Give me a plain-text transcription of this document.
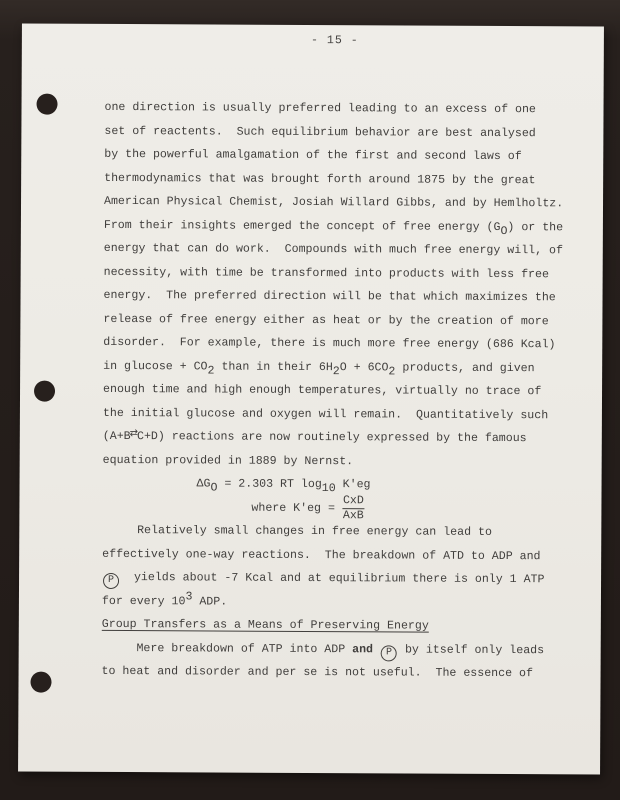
- 15 -
one direction is usually preferred leading to an excess of one
set of reactents.  Such equilibrium behavior are best analysed
by the powerful amalgamation of the first and second laws of
thermodynamics that was brought forth around 1875 by the great
American Physical Chemist, Josiah Willard Gibbs, and by Hemlholtz.
From their insights emerged the concept of free energy (GO) or the
energy that can do work.  Compounds with much free energy will, of
necessity, with time be transformed into products with less free
energy.  The preferred direction will be that which maximizes the
release of free energy either as heat or by the creation of more
disorder.  For example, there is much more free energy (686 Kcal)
in glucose + CO2 than in their 6H2O + 6CO2 products, and given
enough time and high enough temperatures, virtually no trace of
the initial glucose and oxygen will remain.  Quantitatively such
(A+B⇄C+D) reactions are now routinely expressed by the famous
equation provided in 1889 by Nernst.
ΔGO = 2.303 RT log10 K'eg
where $K'eg = \frac{\text{CxD}}{\text{AxB}}$
Relatively small changes in free energy can lead to
effectively one-way reactions.  The breakdown of ATD to ADP and
P  yields about -7 Kcal and at equilibrium there is only 1 ATP
for every 103 ADP.
Group Transfers as a Means of Preserving Energy
Mere breakdown of ATP into ADP and P by itself only leads
to heat and disorder and per se is not useful.  The essence of
